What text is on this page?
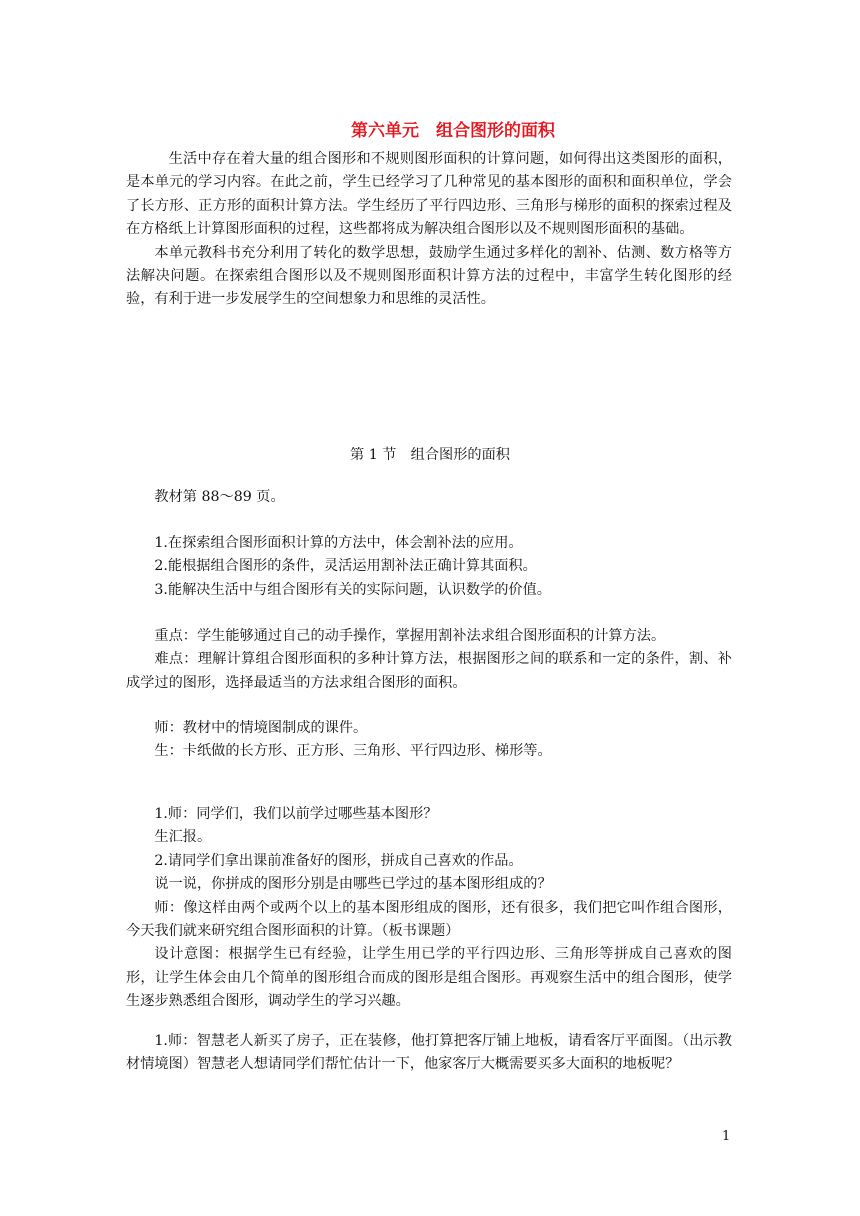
第六单元　组合图形的面积

生活中存在着大量的组合图形和不规则图形面积的计算问题，如何得出这类图形的面积，是本单元的学习内容。在此之前，学生已经学习了几种常见的基本图形的面积和面积单位，学会了长方形、正方形的面积计算方法。学生经历了平行四边形、三角形与梯形的面积的探索过程及在方格纸上计算图形面积的过程，这些都将成为解决组合图形以及不规则图形面积的基础。

本单元教科书充分利用了转化的数学思想，鼓励学生通过多样化的割补、估测、数方格等方法解决问题。在探索组合图形以及不规则图形面积计算方法的过程中，丰富学生转化图形的经验，有利于进一步发展学生的空间想象力和思维的灵活性。

第 1 节　组合图形的面积

教材第 88～89 页。

1.在探索组合图形面积计算的方法中，体会割补法的应用。

2.能根据组合图形的条件，灵活运用割补法正确计算其面积。

3.能解决生活中与组合图形有关的实际问题，认识数学的价值。

重点：学生能够通过自己的动手操作，掌握用割补法求组合图形面积的计算方法。

难点：理解计算组合图形面积的多种计算方法，根据图形之间的联系和一定的条件，割、补成学过的图形，选择最适当的方法求组合图形的面积。

师：教材中的情境图制成的课件。

生：卡纸做的长方形、正方形、三角形、平行四边形、梯形等。

1.师：同学们，我们以前学过哪些基本图形？

生汇报。

2.请同学们拿出课前准备好的图形，拼成自己喜欢的作品。

说一说，你拼成的图形分别是由哪些已学过的基本图形组成的？

师：像这样由两个或两个以上的基本图形组成的图形，还有很多，我们把它叫作组合图形，今天我们就来研究组合图形面积的计算。（板书课题）

设计意图：根据学生已有经验，让学生用已学的平行四边形、三角形等拼成自己喜欢的图形，让学生体会由几个简单的图形组合而成的图形是组合图形。再观察生活中的组合图形，使学生逐步熟悉组合图形，调动学生的学习兴趣。

1.师：智慧老人新买了房子，正在装修，他打算把客厅铺上地板，请看客厅平面图。（出示教材情境图）智慧老人想请同学们帮忙估计一下，他家客厅大概需要买多大面积的地板呢？

1
